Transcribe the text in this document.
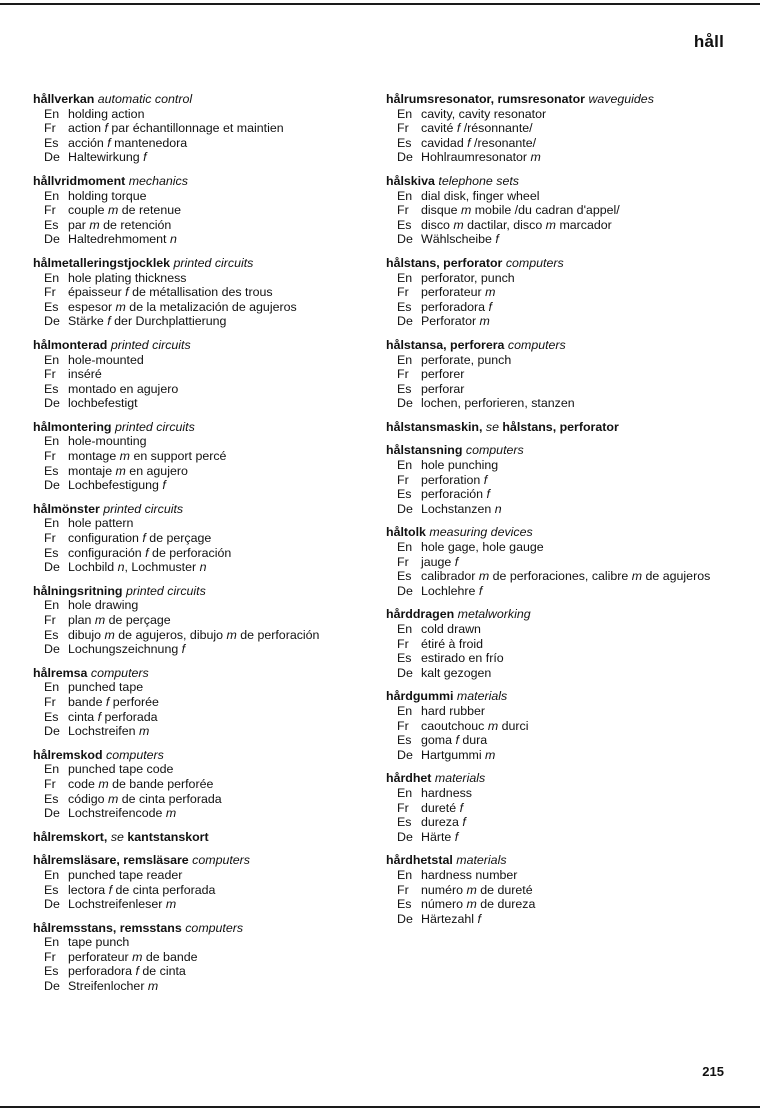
håll
hållverkan automatic control
En holding action
Fr action f par échantillonnage et maintien
Es acción f mantenedora
De Haltewirkung f
hållvridmoment mechanics
En holding torque
Fr couple m de retenue
Es par m de retención
De Haltedrehmoment n
hålmetalleringstjocklek printed circuits
En hole plating thickness
Fr épaisseur f de métallisation des trous
Es espesor m de la metalización de agujeros
De Stärke f der Durchplattierung
hålmonterad printed circuits
En hole-mounted
Fr inséré
Es montado en agujero
De lochbefestigt
hålmontering printed circuits
En hole-mounting
Fr montage m en support percé
Es montaje m en agujero
De Lochbefestigung f
hålmönster printed circuits
En hole pattern
Fr configuration f de perçage
Es configuración f de perforación
De Lochbild n, Lochmuster n
hålningsritning printed circuits
En hole drawing
Fr plan m de perçage
Es dibujo m de agujeros, dibujo m de perforación
De Lochungszeichnung f
hålremsa computers
En punched tape
Fr bande f perforée
Es cinta f perforada
De Lochstreifen m
hålremskod computers
En punched tape code
Fr code m de bande perforée
Es código m de cinta perforada
De Lochstreifencode m
hålremskort, se kantstanskort
hålremsläsare, remsläsare computers
En punched tape reader
Es lectora f de cinta perforada
De Lochstreifenleser m
hålremsstans, remsstans computers
En tape punch
Fr perforateur m de bande
Es perforadora f de cinta
De Streifenlocher m
hålrumsresonator, rumsresonator waveguides
En cavity, cavity resonator
Fr cavité f /résonnante/
Es cavidad f /resonante/
De Hohlraumresonator m
hålskiva telephone sets
En dial disk, finger wheel
Fr disque m mobile /du cadran d'appel/
Es disco m dactilar, disco m marcador
De Wählscheibe f
hålstans, perforator computers
En perforator, punch
Fr perforateur m
Es perforadora f
De Perforator m
hålstansa, perforera computers
En perforate, punch
Fr perforer
Es perforar
De lochen, perforieren, stanzen
hålstansmaskin, se hålstans, perforator
hålstansning computers
En hole punching
Fr perforation f
Es perforación f
De Lochstanzen n
håltolk measuring devices
En hole gage, hole gauge
Fr jauge f
Es calibrador m de perforaciones, calibre m de agujeros
De Lochlehre f
hårddragen metalworking
En cold drawn
Fr étiré à froid
Es estirado en frío
De kalt gezogen
hårdgummi materials
En hard rubber
Fr caoutchouc m durci
Es goma f dura
De Hartgummi m
hårdhet materials
En hardness
Fr dureté f
Es dureza f
De Härte f
hårdhetstal materials
En hardness number
Fr numéro m de dureté
Es número m de dureza
De Härtezahl f
215
